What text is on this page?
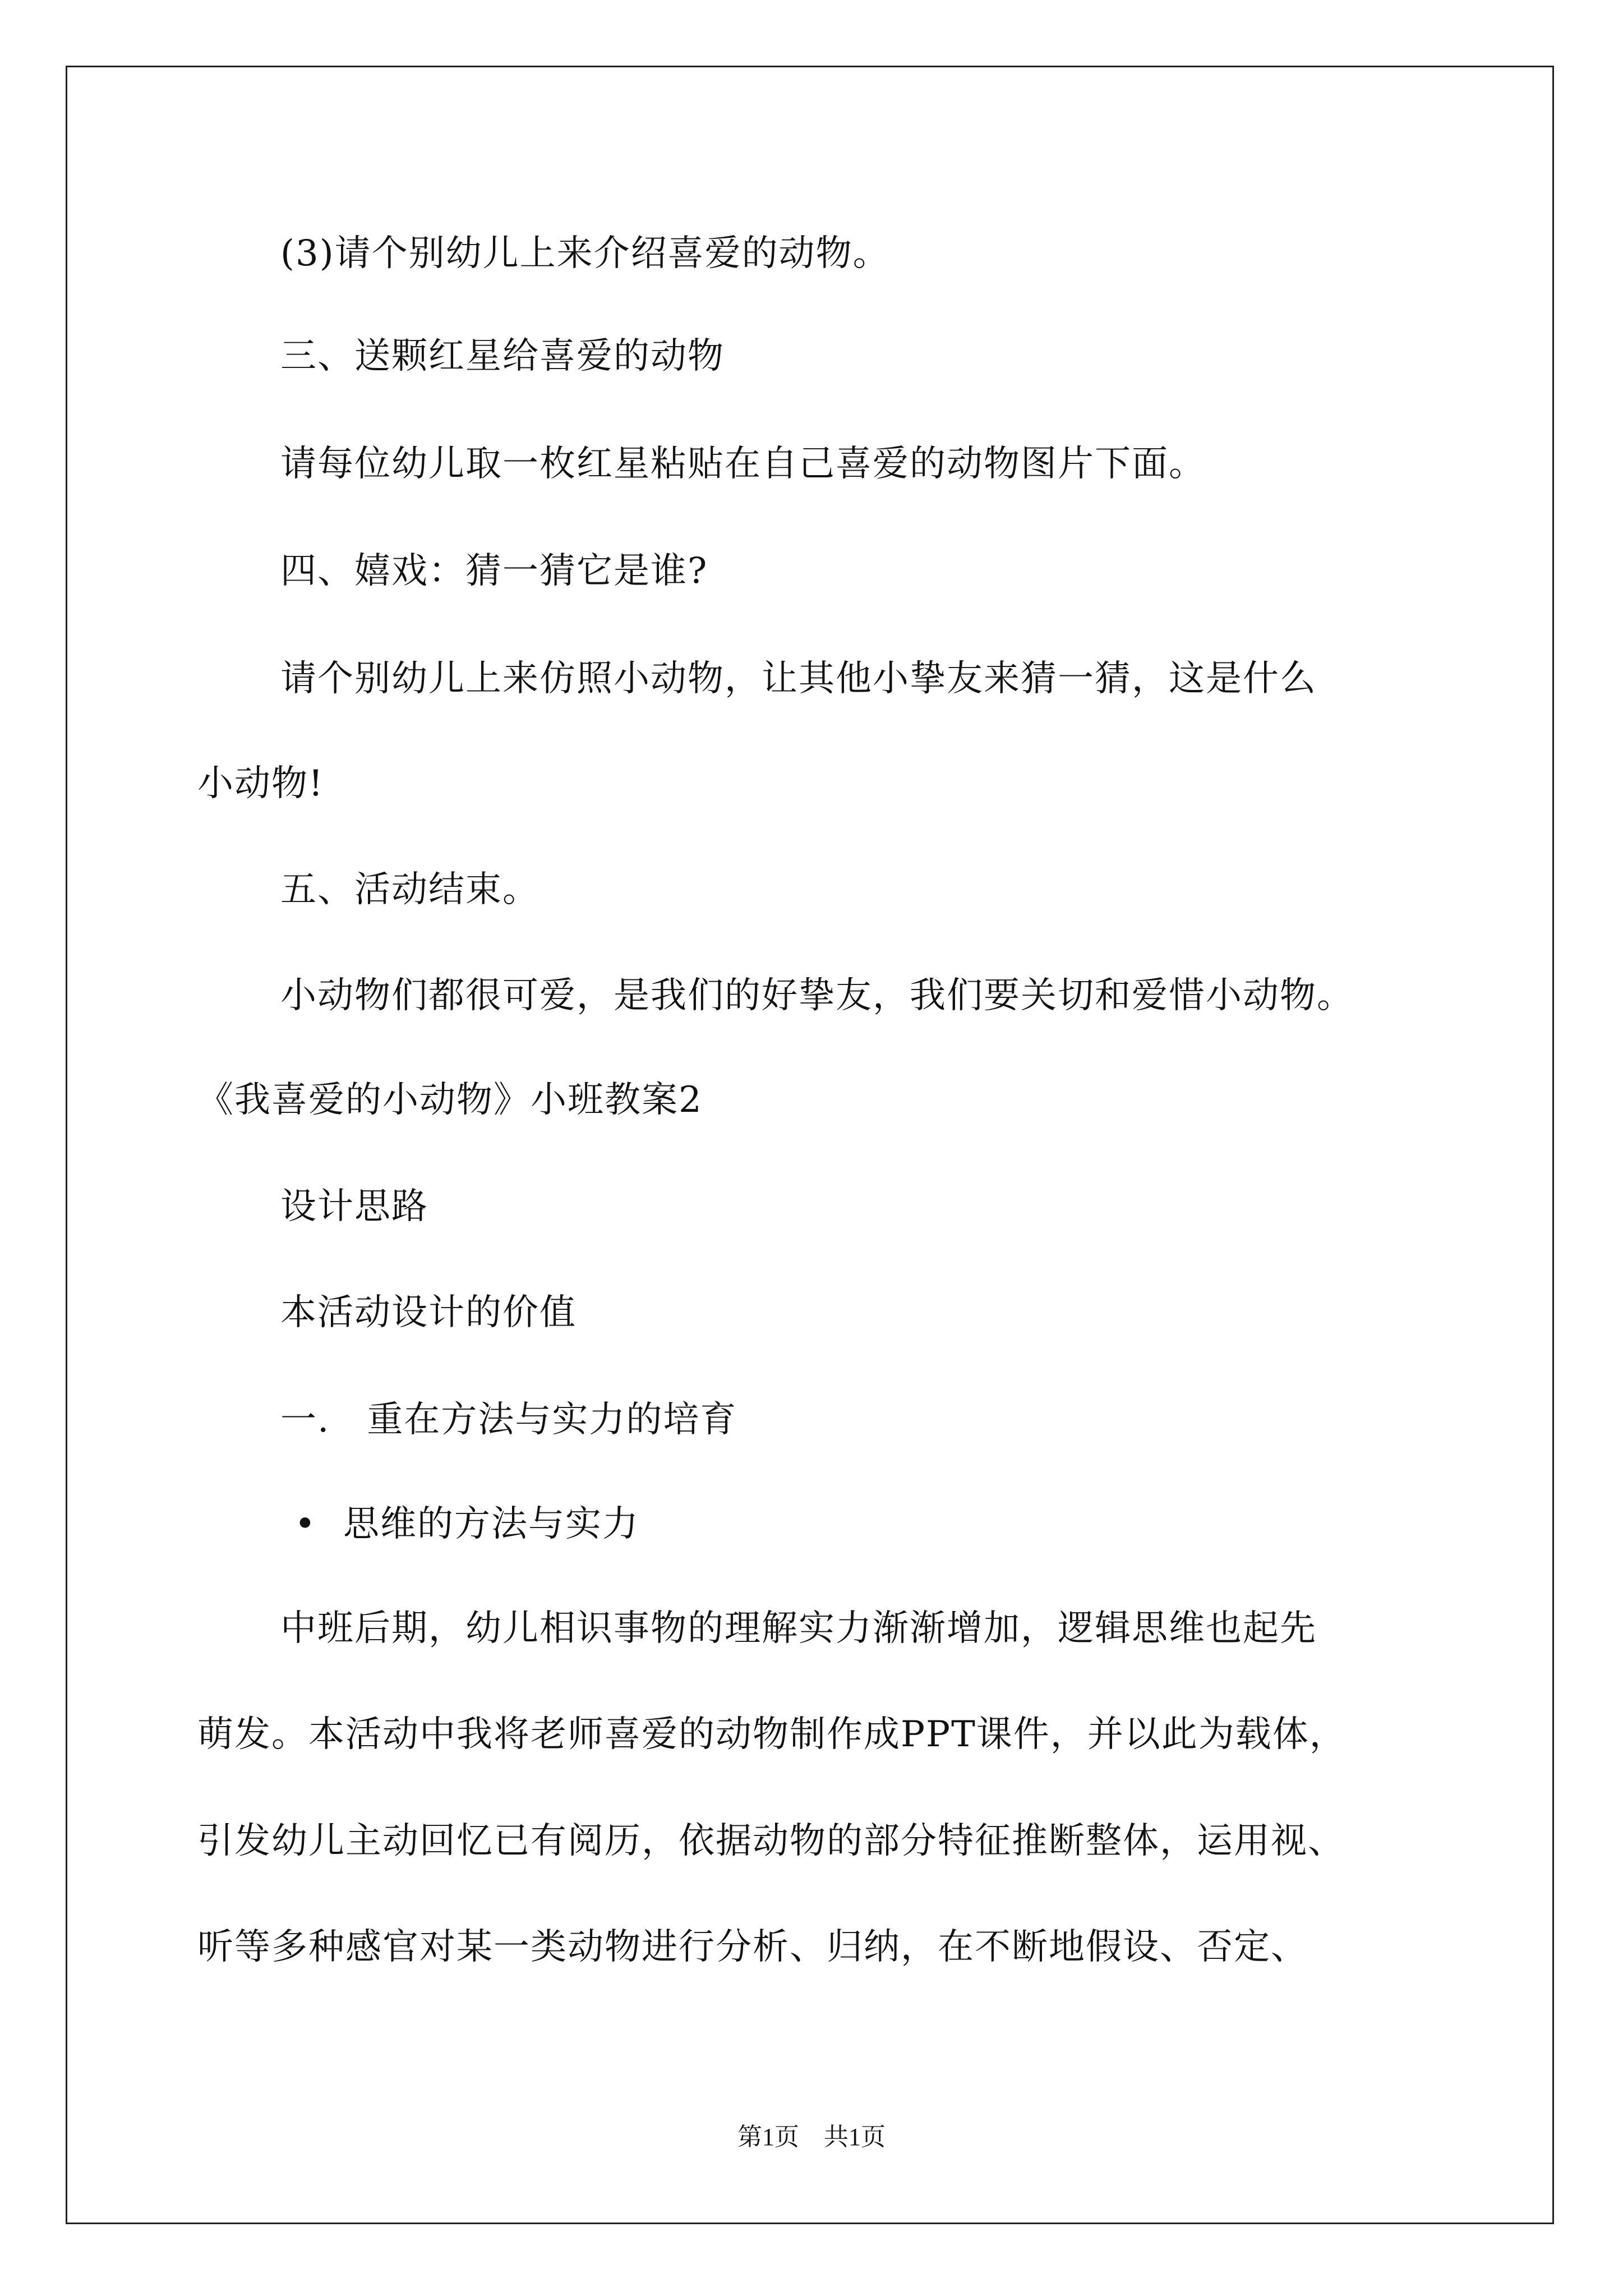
(3)请个别幼儿上来介绍喜爱的动物。
三、送颗红星给喜爱的动物
请每位幼儿取一枚红星粘贴在自己喜爱的动物图片下面。
四、嬉戏：猜一猜它是谁?
请个别幼儿上来仿照小动物，让其他小挚友来猜一猜，这是什么
小动物!
五、活动结束。
小动物们都很可爱，是我们的好挚友，我们要关切和爱惜小动物。
《我喜爱的小动物》小班教案2
设计思路
本活动设计的价值
一.　重在方法与实力的培育
• 思维的方法与实力
中班后期，幼儿相识事物的理解实力渐渐增加，逻辑思维也起先
萌发。本活动中我将老师喜爱的动物制作成PPT课件，并以此为载体，
引发幼儿主动回忆已有阅历，依据动物的部分特征推断整体，运用视、
听等多种感官对某一类动物进行分析、归纳，在不断地假设、否定、
第1页　共1页
